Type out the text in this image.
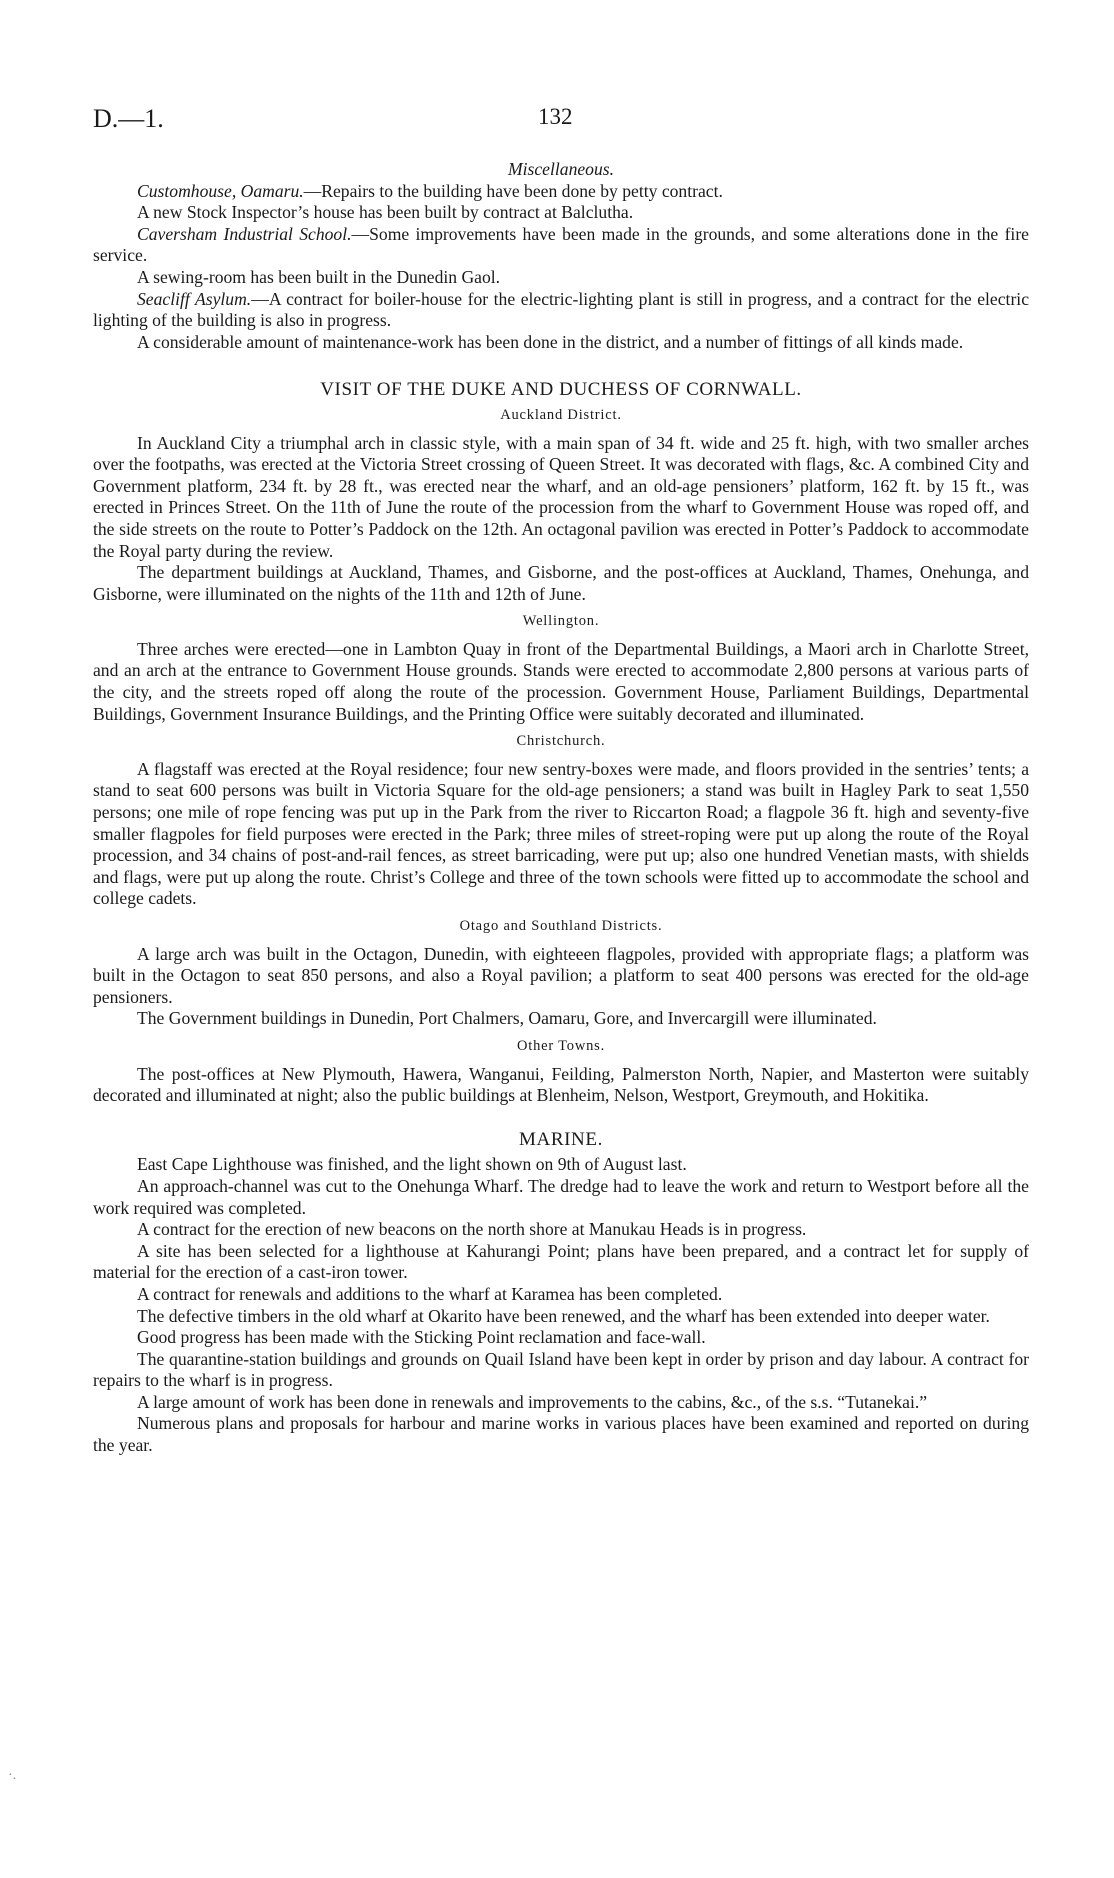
D.—1.	132
Miscellaneous.

Customhouse, Oamaru.—Repairs to the building have been done by petty contract.

A new Stock Inspector’s house has been built by contract at Balclutha.

Caversham Industrial School.—Some improvements have been made in the grounds, and some alterations done in the fire service.

A sewing-room has been built in the Dunedin Gaol.

Seacliff Asylum.—A contract for boiler-house for the electric-lighting plant is still in progress, and a contract for the electric lighting of the building is also in progress.

A considerable amount of maintenance-work has been done in the district, and a number of fittings of all kinds made.

VISIT OF THE DUKE AND DUCHESS OF CORNWALL.
Auckland District.

In Auckland City a triumphal arch in classic style, with a main span of 34 ft. wide and 25 ft. high, with two smaller arches over the footpaths, was erected at the Victoria Street crossing of Queen Street. It was decorated with flags, &c. A combined City and Government platform, 234 ft. by 28 ft., was erected near the wharf, and an old-age pensioners’ platform, 162 ft. by 15 ft., was erected in Princes Street. On the 11th of June the route of the procession from the wharf to Government House was roped off, and the side streets on the route to Potter’s Paddock on the 12th. An octagonal pavilion was erected in Potter’s Paddock to accommodate the Royal party during the review.

The department buildings at Auckland, Thames, and Gisborne, and the post-offices at Auckland, Thames, Onehunga, and Gisborne, were illuminated on the nights of the 11th and 12th of June.

Wellington.

Three arches were erected—one in Lambton Quay in front of the Departmental Buildings, a Maori arch in Charlotte Street, and an arch at the entrance to Government House grounds. Stands were erected to accommodate 2,800 persons at various parts of the city, and the streets roped off along the route of the procession. Government House, Parliament Buildings, Departmental Buildings, Government Insurance Buildings, and the Printing Office were suitably decorated and illuminated.

Christchurch.

A flagstaff was erected at the Royal residence; four new sentry-boxes were made, and floors provided in the sentries’ tents; a stand to seat 600 persons was built in Victoria Square for the old-age pensioners; a stand was built in Hagley Park to seat 1,550 persons; one mile of rope fencing was put up in the Park from the river to Riccarton Road; a flagpole 36 ft. high and seventy-five smaller flagpoles for field purposes were erected in the Park; three miles of street-roping were put up along the route of the Royal procession, and 34 chains of post-and-rail fences, as street barricading, were put up; also one hundred Venetian masts, with shields and flags, were put up along the route. Christ’s College and three of the town schools were fitted up to accommodate the school and college cadets.

Otago and Southland Districts.

A large arch was built in the Octagon, Dunedin, with eighteeen flagpoles, provided with appropriate flags; a platform was built in the Octagon to seat 850 persons, and also a Royal pavilion; a platform to seat 400 persons was erected for the old-age pensioners.

The Government buildings in Dunedin, Port Chalmers, Oamaru, Gore, and Invercargill were illuminated.

Other Towns.

The post-offices at New Plymouth, Hawera, Wanganui, Feilding, Palmerston North, Napier, and Masterton were suitably decorated and illuminated at night; also the public buildings at Blenheim, Nelson, Westport, Greymouth, and Hokitika.

MARINE.

East Cape Lighthouse was finished, and the light shown on 9th of August last.

An approach-channel was cut to the Onehunga Wharf. The dredge had to leave the work and return to Westport before all the work required was completed.

A contract for the erection of new beacons on the north shore at Manukau Heads is in progress.

A site has been selected for a lighthouse at Kahurangi Point; plans have been prepared, and a contract let for supply of material for the erection of a cast-iron tower.

A contract for renewals and additions to the wharf at Karamea has been completed.

The defective timbers in the old wharf at Okarito have been renewed, and the wharf has been extended into deeper water.

Good progress has been made with the Sticking Point reclamation and face-wall.

The quarantine-station buildings and grounds on Quail Island have been kept in order by prison and day labour. A contract for repairs to the wharf is in progress.

A large amount of work has been done in renewals and improvements to the cabins, &c., of the s.s. “Tutanekai.”

Numerous plans and proposals for harbour and marine works in various places have been examined and reported on during the year.

·.
